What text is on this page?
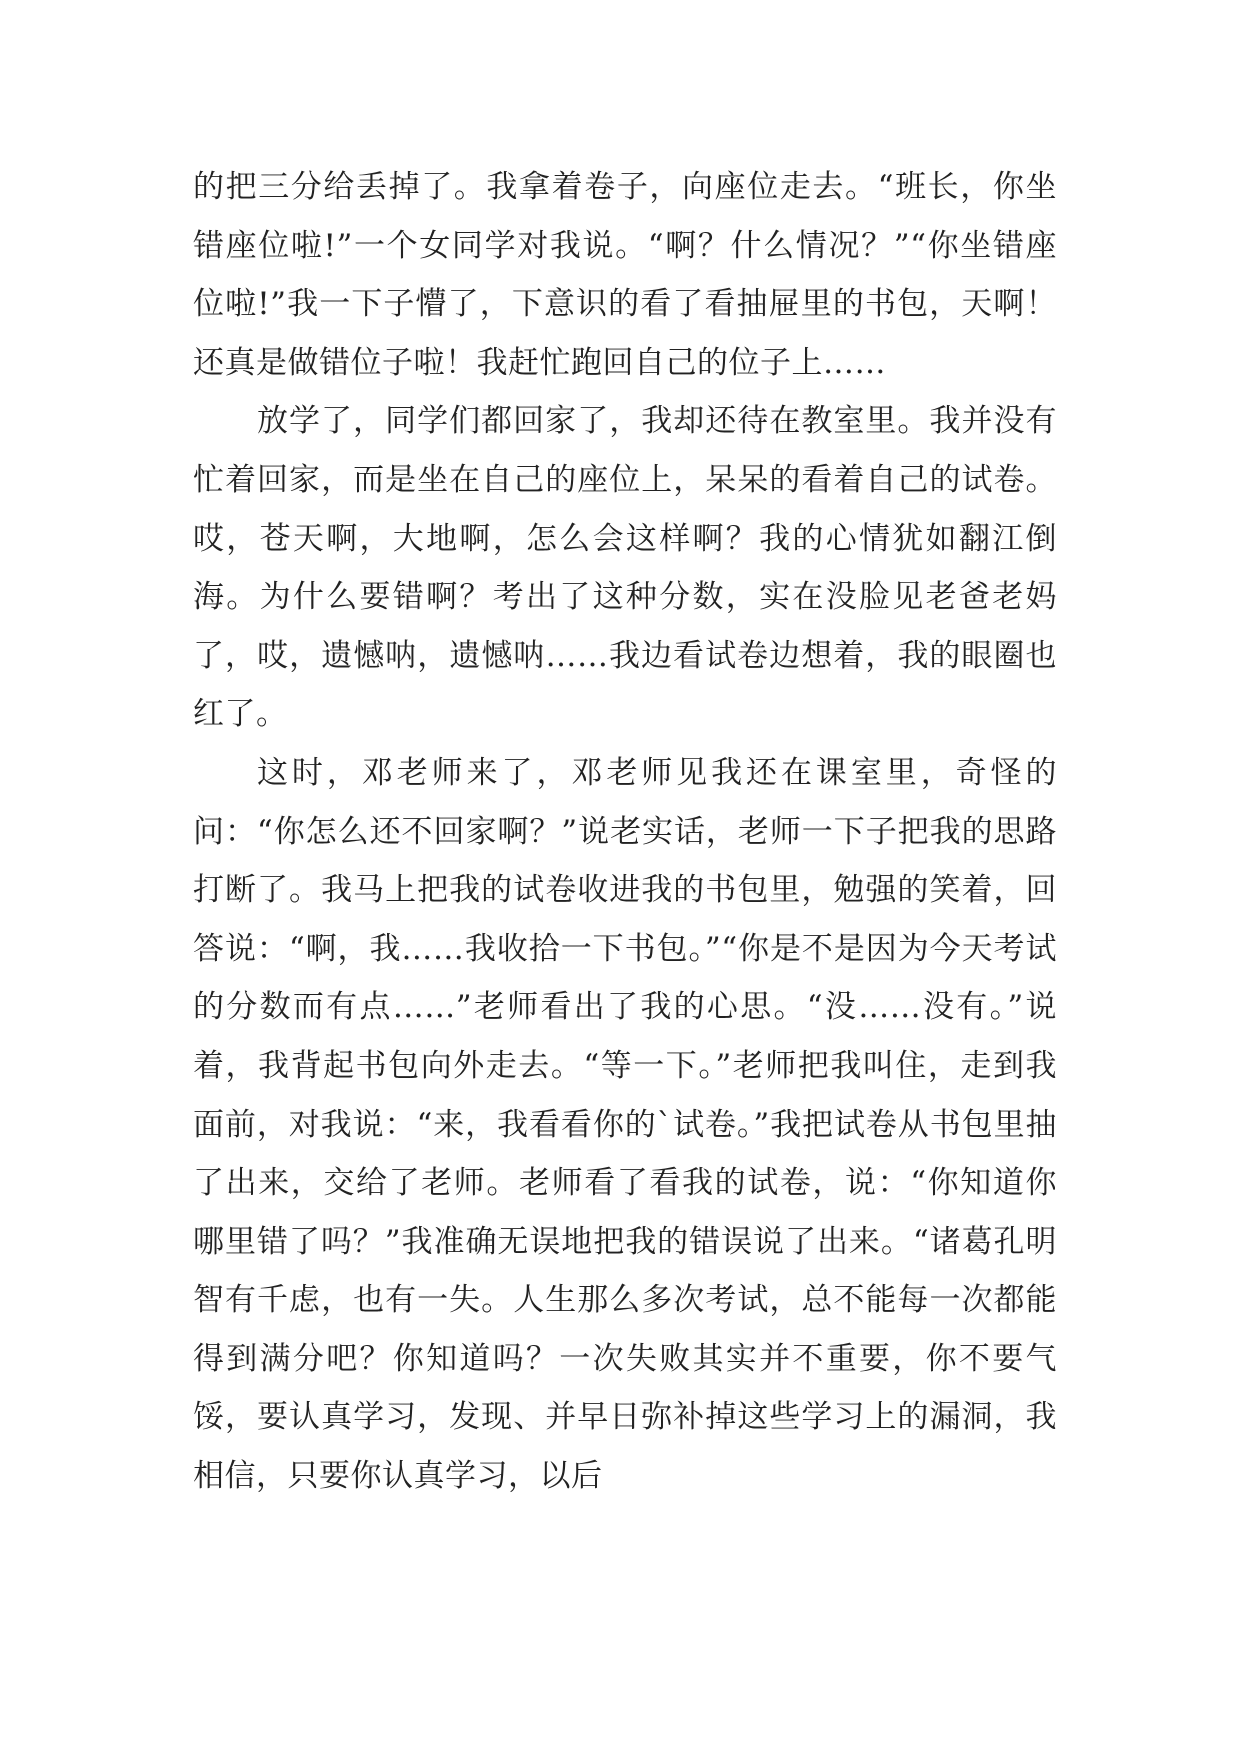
的把三分给丢掉了。我拿着卷子，向座位走去。“班长，你坐错座位啦!”一个女同学对我说。“啊？什么情况？”“你坐错座位啦!”我一下子懵了，下意识的看了看抽屉里的书包，天啊！还真是做错位子啦！我赶忙跑回自己的位子上……

放学了，同学们都回家了，我却还待在教室里。我并没有忙着回家，而是坐在自己的座位上，呆呆的看着自己的试卷。哎，苍天啊，大地啊，怎么会这样啊？我的心情犹如翻江倒海。为什么要错啊？考出了这种分数，实在没脸见老爸老妈了，哎，遗憾呐，遗憾呐……我边看试卷边想着，我的眼圈也红了。

这时，邓老师来了，邓老师见我还在课室里，奇怪的问：“你怎么还不回家啊？”说老实话，老师一下子把我的思路打断了。我马上把我的试卷收进我的书包里，勉强的笑着，回答说：“啊，我……我收拾一下书包。”“你是不是因为今天考试的分数而有点……”老师看出了我的心思。“没……没有。”说着，我背起书包向外走去。“等一下。”老师把我叫住，走到我面前，对我说：“来，我看看你的`试卷。”我把试卷从书包里抽了出来，交给了老师。老师看了看我的试卷，说：“你知道你哪里错了吗？”我准确无误地把我的错误说了出来。“诸葛孔明智有千虑，也有一失。人生那么多次考试，总不能每一次都能得到满分吧？你知道吗？一次失败其实并不重要，你不要气馁，要认真学习，发现、并早日弥补掉这些学习上的漏洞，我相信，只要你认真学习，以后
